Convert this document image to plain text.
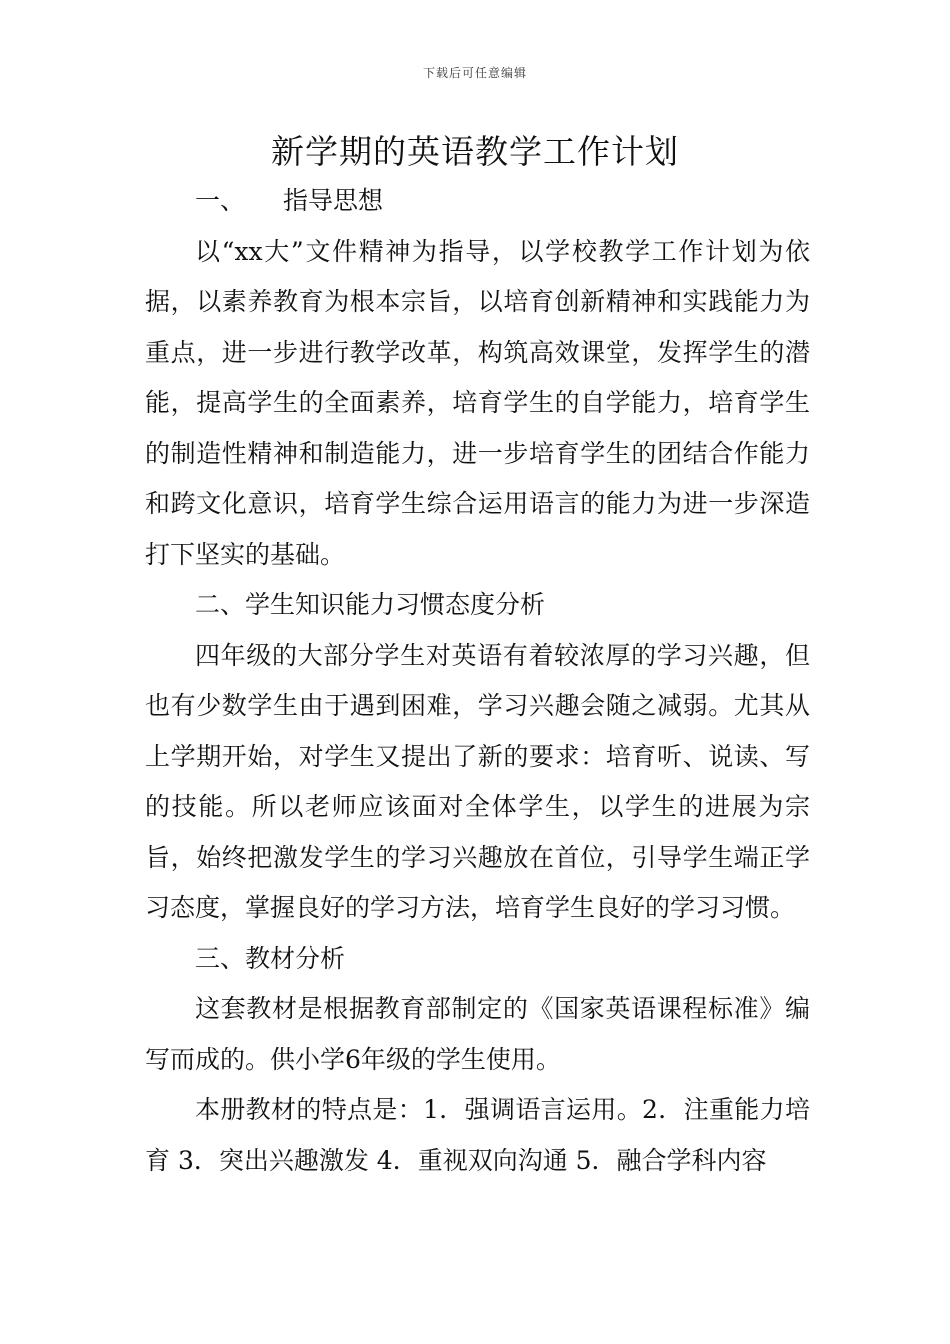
下载后可任意编辑
新学期的英语教学工作计划

一、 指导思想

以“xx大”文件精神为指导，以学校教学工作计划为依据，以素养教育为根本宗旨，以培育创新精神和实践能力为重点，进一步进行教学改革，构筑高效课堂，发挥学生的潜能，提高学生的全面素养，培育学生的自学能力，培育学生的制造性精神和制造能力，进一步培育学生的团结合作能力和跨文化意识，培育学生综合运用语言的能力为进一步深造打下坚实的基础。

二、学生知识能力习惯态度分析

四年级的大部分学生对英语有着较浓厚的学习兴趣，但也有少数学生由于遇到困难，学习兴趣会随之减弱。尤其从上学期开始，对学生又提出了新的要求：培育听、说读、写的技能。所以老师应该面对全体学生，以学生的进展为宗旨，始终把激发学生的学习兴趣放在首位，引导学生端正学习态度，掌握良好的学习方法，培育学生良好的学习习惯。

三、教材分析

这套教材是根据教育部制定的《国家英语课程标准》编写而成的。供小学6年级的学生使用。

本册教材的特点是：1．强调语言运用。2．注重能力培育 3．突出兴趣激发 4．重视双向沟通 5．融合学科内容
